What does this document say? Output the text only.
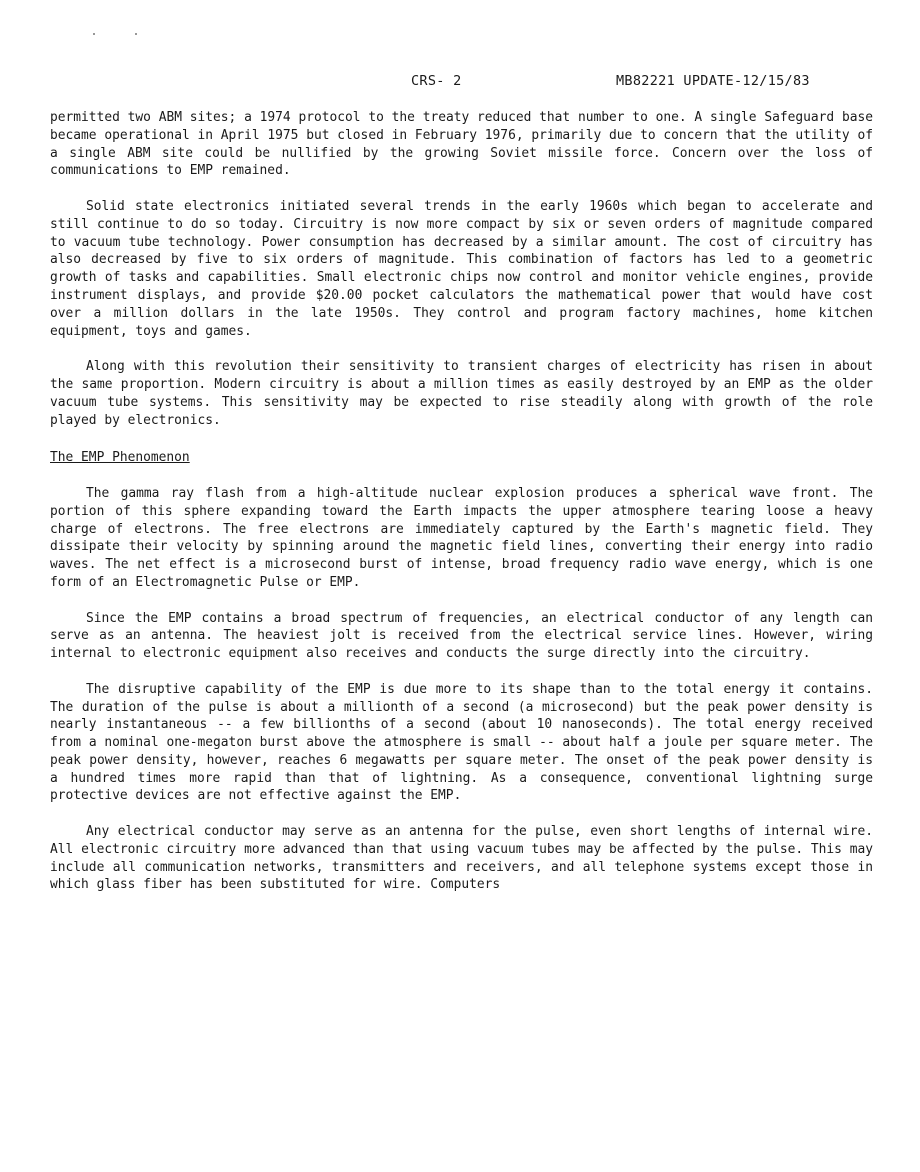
CRS- 2	MB82221 UPDATE-12/15/83

permitted two ABM sites; a 1974 protocol to the treaty reduced that number to one. A single Safeguard base became operational in April 1975 but closed in February 1976, primarily due to concern that the utility of a single ABM site could be nullified by the growing Soviet missile force. Concern over the loss of communications to EMP remained.

Solid state electronics initiated several trends in the early 1960s which began to accelerate and still continue to do so today. Circuitry is now more compact by six or seven orders of magnitude compared to vacuum tube technology. Power consumption has decreased by a similar amount. The cost of circuitry has also decreased by five to six orders of magnitude. This combination of factors has led to a geometric growth of tasks and capabilities. Small electronic chips now control and monitor vehicle engines, provide instrument displays, and provide $20.00 pocket calculators the mathematical power that would have cost over a million dollars in the late 1950s. They control and program factory machines, home kitchen equipment, toys and games.

Along with this revolution their sensitivity to transient charges of electricity has risen in about the same proportion. Modern circuitry is about a million times as easily destroyed by an EMP as the older vacuum tube systems. This sensitivity may be expected to rise steadily along with growth of the role played by electronics.

The EMP Phenomenon

The gamma ray flash from a high-altitude nuclear explosion produces a spherical wave front. The portion of this sphere expanding toward the Earth impacts the upper atmosphere tearing loose a heavy charge of electrons. The free electrons are immediately captured by the Earth's magnetic field. They dissipate their velocity by spinning around the magnetic field lines, converting their energy into radio waves. The net effect is a microsecond burst of intense, broad frequency radio wave energy, which is one form of an Electromagnetic Pulse or EMP.

Since the EMP contains a broad spectrum of frequencies, an electrical conductor of any length can serve as an antenna. The heaviest jolt is received from the electrical service lines. However, wiring internal to electronic equipment also receives and conducts the surge directly into the circuitry.

The disruptive capability of the EMP is due more to its shape than to the total energy it contains. The duration of the pulse is about a millionth of a second (a microsecond) but the peak power density is nearly instantaneous -- a few billionths of a second (about 10 nanoseconds). The total energy received from a nominal one-megaton burst above the atmosphere is small -- about half a joule per square meter. The peak power density, however, reaches 6 megawatts per square meter. The onset of the peak power density is a hundred times more rapid than that of lightning. As a consequence, conventional lightning surge protective devices are not effective against the EMP.

Any electrical conductor may serve as an antenna for the pulse, even short lengths of internal wire. All electronic circuitry more advanced than that using vacuum tubes may be affected by the pulse. This may include all communication networks, transmitters and receivers, and all telephone systems except those in which glass fiber has been substituted for wire. Computers
